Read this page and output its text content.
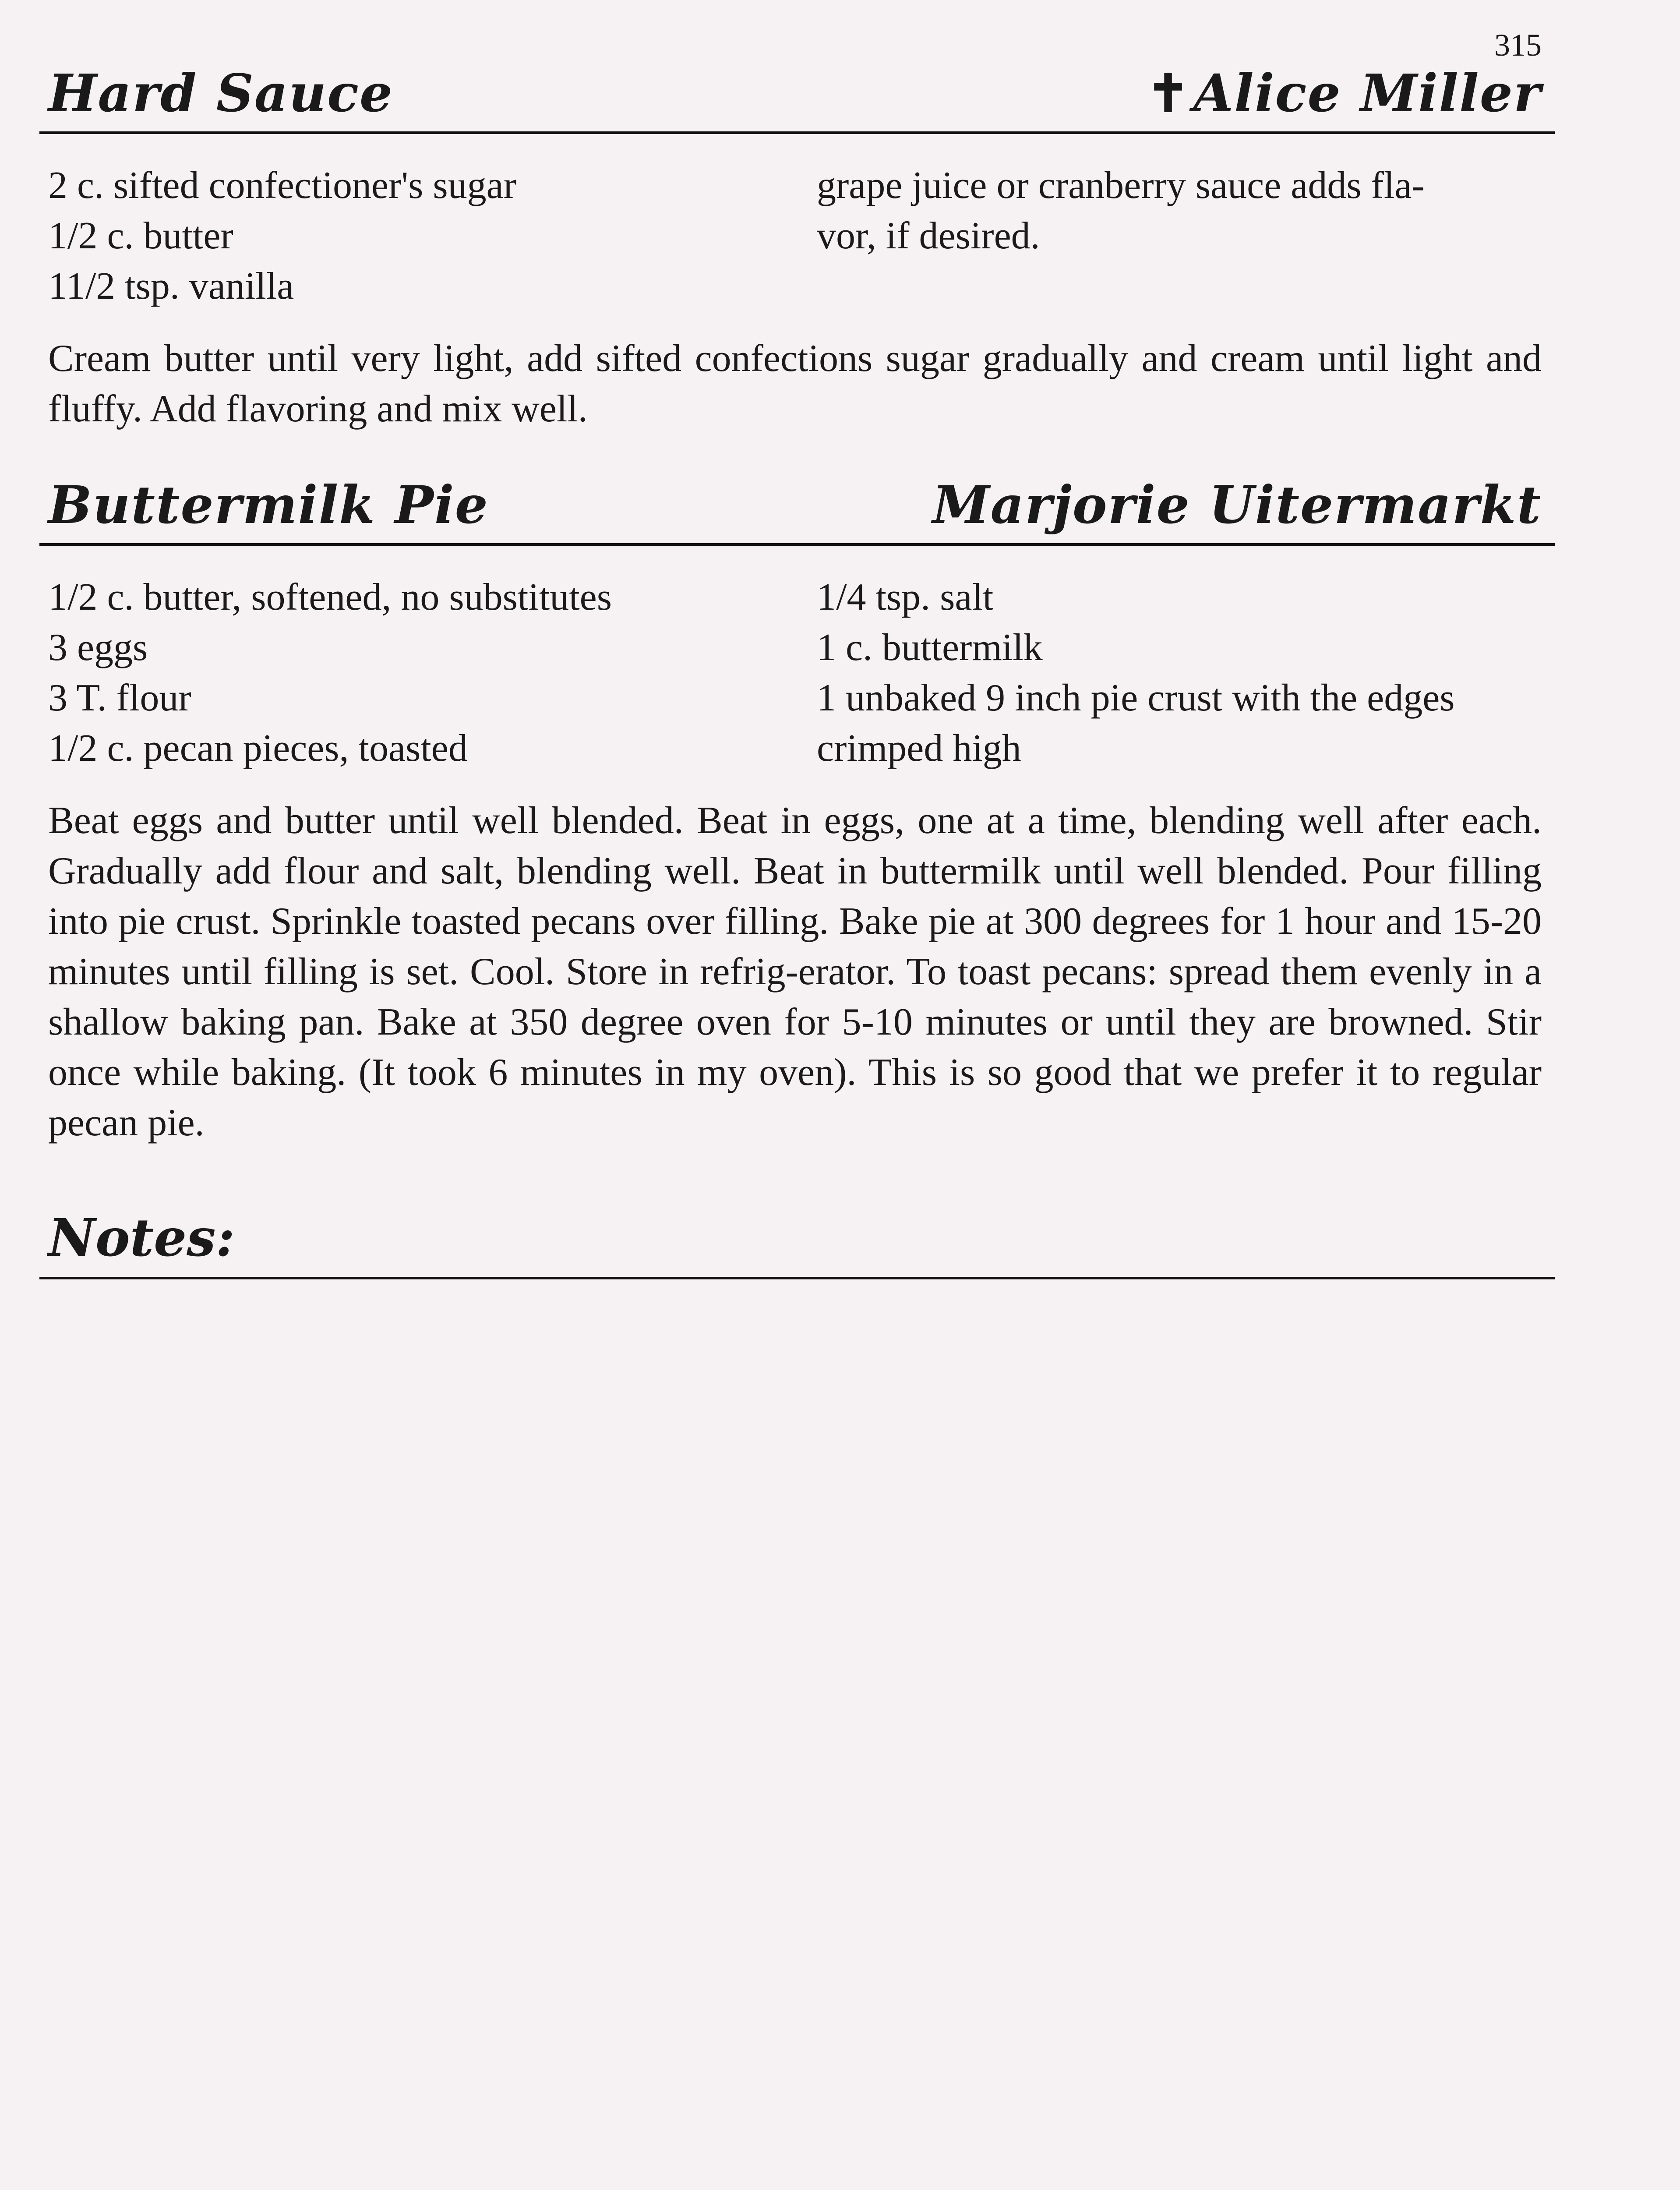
315
Hard Sauce	✝Alice Miller
2 c. sifted confectioner's sugar
1/2 c. butter
11/2 tsp. vanilla
grape juice or cranberry sauce adds fla-
vor, if desired.

Cream butter until very light, add sifted confections sugar gradually and cream until light and fluffy. Add flavoring and mix well.

Buttermilk Pie	Marjorie Uitermarkt
1/2 c. butter, softened, no substitutes
3 eggs
3 T. flour
1/2 c. pecan pieces, toasted
1/4 tsp. salt
1 c. buttermilk
1 unbaked 9 inch pie crust with the edges
crimped high

Beat eggs and butter until well blended. Beat in eggs, one at a time, blending well after each. Gradually add flour and salt, blending well. Beat in buttermilk until well blended. Pour filling into pie crust. Sprinkle toasted pecans over filling. Bake pie at 300 degrees for 1 hour and 15-20 minutes until filling is set. Cool. Store in refrig-erator. To toast pecans: spread them evenly in a shallow baking pan. Bake at 350 degree oven for 5-10 minutes or until they are browned. Stir once while baking. (It took 6 minutes in my oven). This is so good that we prefer it to regular pecan pie.

Notes:
